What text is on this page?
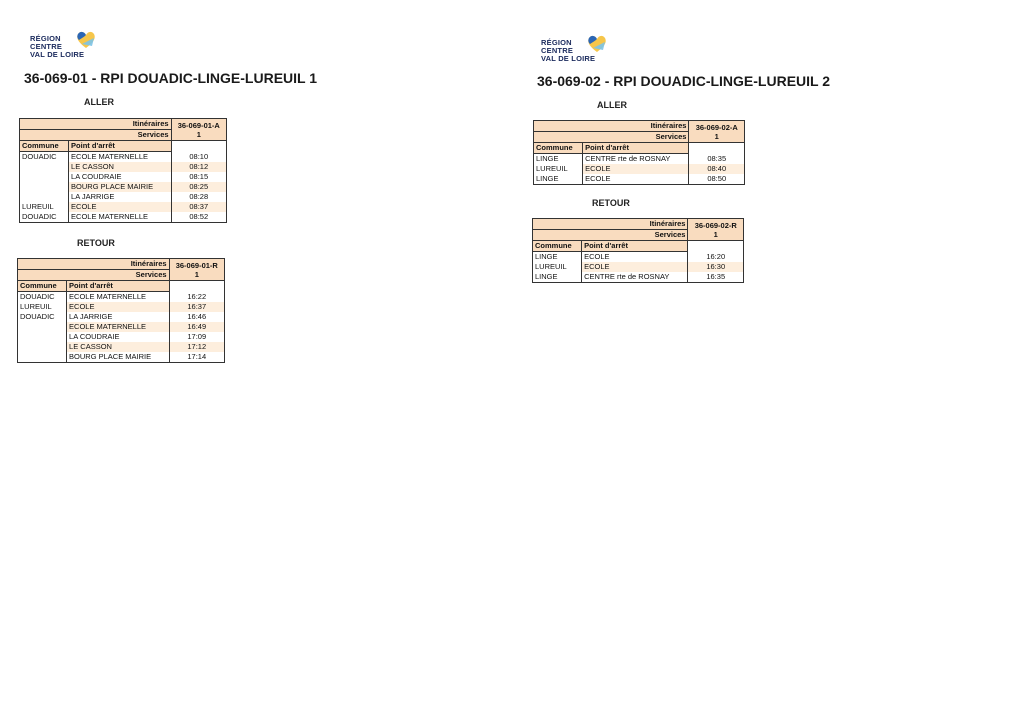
RÉGION
CENTRE
VAL DE LOIRE
36-069-01 - RPI DOUADIC-LINGE-LUREUIL 1
ALLER
Itinéraires		36-069-01-A
1

Services		
Commune	Point d'arrêt	
DOUADIC	ECOLE MATERNELLE	08:10
	LE CASSON	08:12
	LA COUDRAIE	08:15
	BOURG PLACE MAIRIE	08:25
	LA JARRIGE	08:28
LUREUIL	ECOLE	08:37
DOUADIC	ECOLE MATERNELLE	08:52
RETOUR
Itinéraires		36-069-01-R
1

Services		
Commune	Point d'arrêt	
DOUADIC	ECOLE MATERNELLE	16:22
LUREUIL	ECOLE	16:37
DOUADIC	LA JARRIGE	16:46
	ECOLE MATERNELLE	16:49
	LA COUDRAIE	17:09
	LE CASSON	17:12
	BOURG PLACE MAIRIE	17:14
RÉGION
CENTRE
VAL DE LOIRE
36-069-02 - RPI DOUADIC-LINGE-LUREUIL 2
ALLER
Itinéraires		36-069-02-A
1

Services		
Commune	Point d'arrêt	
LINGE	CENTRE rte de ROSNAY	08:35
LUREUIL	ECOLE	08:40
LINGE	ECOLE	08:50
RETOUR
Itinéraires		36-069-02-R
1

Services		
Commune	Point d'arrêt	
LINGE	ECOLE	16:20
LUREUIL	ECOLE	16:30
LINGE	CENTRE rte de ROSNAY	16:35
